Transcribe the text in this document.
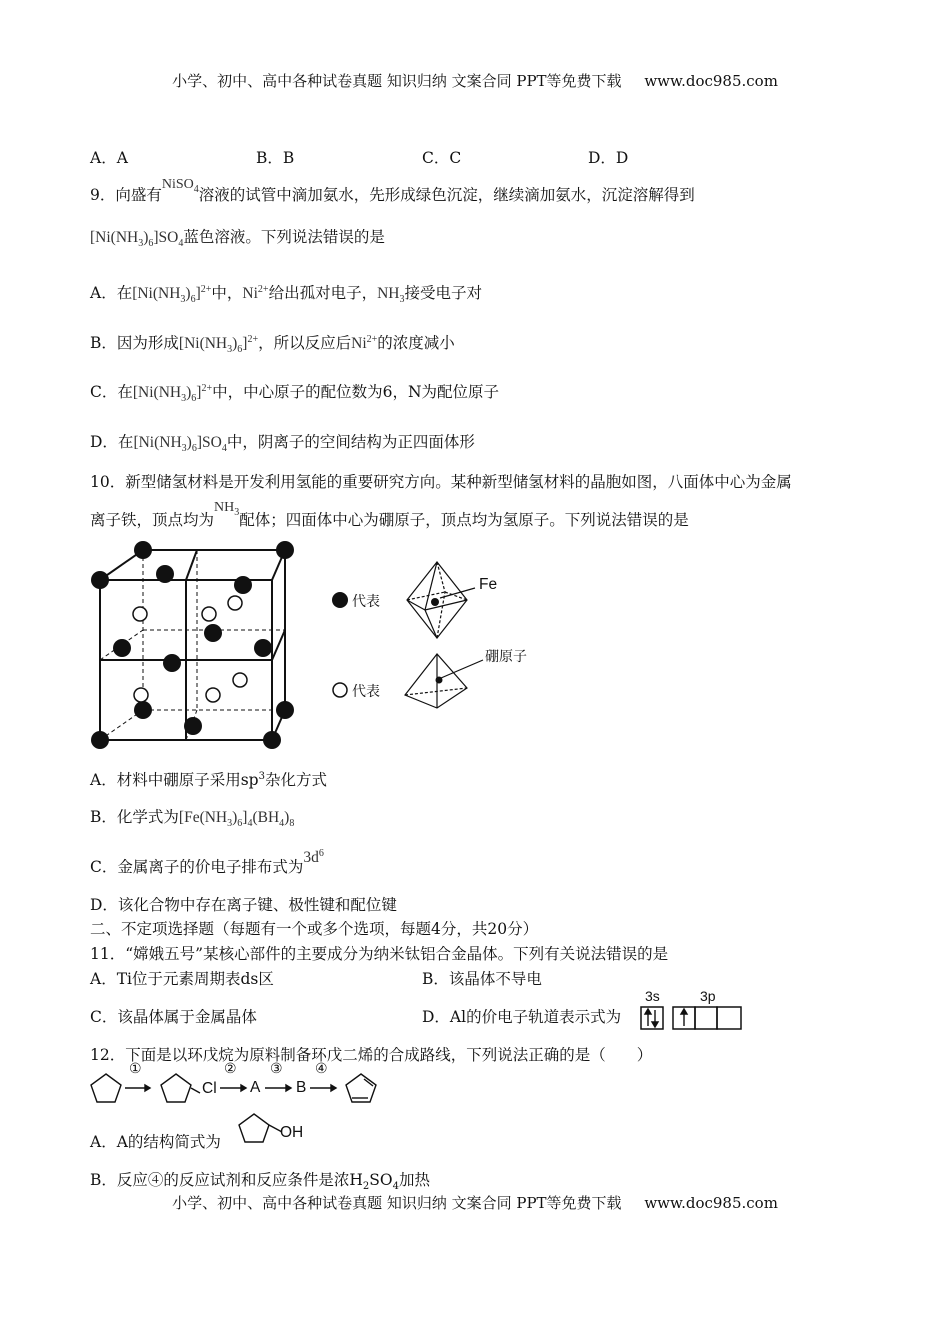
小学、初中、高中各种试卷真题 知识归纳 文案合同 PPT等免费下载 www.doc985.com
A．A	B．B	C．C	D．D
9．向盛有NiSO$_4$溶液的试管中滴加氨水，先形成绿色沉淀，继续滴加氨水，沉淀溶解得到
$[Ni(NH_3)_6]SO_4$蓝色溶液。下列说法错误的是
A．在$[Ni(NH_3)_6]^{2+}$中，$Ni^{2+}$给出孤对电子，$NH_3$接受电子对
B．因为形成$[Ni(NH_3)_6]^{2+}$，所以反应后$Ni^{2+}$的浓度减小
C．在$[Ni(NH_3)_6]^{2+}$中，中心原子的配位数为6，N为配位原子
D．在$[Ni(NH_3)_6]SO_4$中，阴离子的空间结构为正四面体形
10．新型储氢材料是开发利用氢能的重要研究方向。某种新型储氢材料的晶胞如图，八面体中心为金属
离子铁，顶点均为$NH_3$配体；四面体中心为硼原子，顶点均为氢原子。下列说法错误的是
代表
代表
Fe
硼原子
A．材料中硼原子采用$sp^3$杂化方式
B．化学式为$[Fe(NH_3)_6]_4(BH_4)_8$
C．金属离子的价电子排布式为$3d^6$
D．该化合物中存在离子键、极性键和配位键
二、不定项选择题（每题有一个或多个选项，每题4分，共20分）
11．“嫦娥五号”某核心部件的主要成分为纳米钛铝合金晶体。下列有关说法错误的是
A．Ti位于元素周期表ds区	B．该晶体不导电
C．该晶体属于金属晶体	D．Al的价电子轨道表示式为
3s	3p
12．下面是以环戊烷为原料制备环戊二烯的合成路线，下列说法正确的是（　　）
①	② ③ ④
Cl A B
A．A的结构简式为
OH
B．反应④的反应试剂和反应条件是浓$H_2SO_4$加热
小学、初中、高中各种试卷真题 知识归纳 文案合同 PPT等免费下载 www.doc985.com
